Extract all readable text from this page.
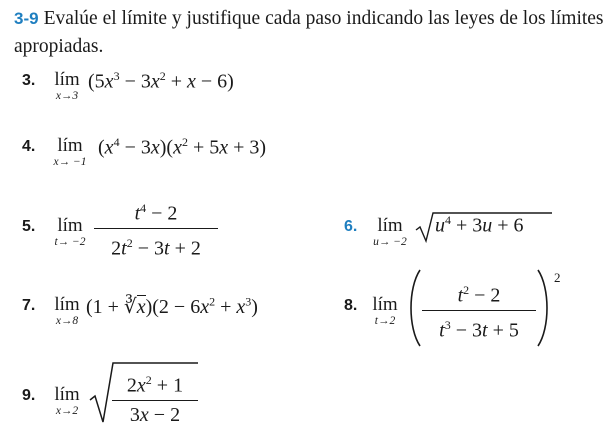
3-9 Evalúe el límite y justifique cada paso indicando las leyes de los límites apropiadas.
3. lím
x→3
$(5x^3 - 3x^2 + x - 6)$
4.	lím
x→ −1
$(x^4 - 3x)(x^2 + 5x + 3)$
5.	lím
t→ −2
$t^4 - 2$
$2t^2 - 3t + 2$
6.	lím
u→ −2
$u^4 + 3u + 6$
7. lím
x→8
(1 + ∛x)(2 − $6x^2 + x^3$)	8. lím
t→2
$t^2 - 2$
$t^3 - 3t + 5$
2
9. lím
x→2
$2x^2 + 1$
3x − 2
